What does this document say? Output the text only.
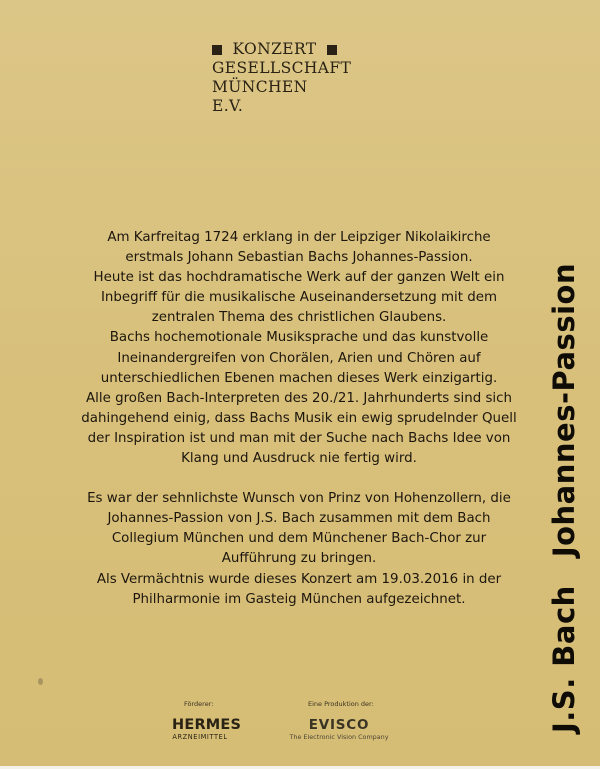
KONZERT
GESELLSCHAFT
MÜNCHEN E.V.

Am Karfreitag 1724 erklang in der Leipziger Nikolaikirche
erstmals Johann Sebastian Bachs Johannes-Passion.
Heute ist das hochdramatische Werk auf der ganzen Welt ein
Inbegriff für die musikalische Auseinandersetzung mit dem
zentralen Thema des christlichen Glaubens.
Bachs hochemotionale Musiksprache und das kunstvolle
Ineinandergreifen von Chorälen, Arien und Chören auf
unterschiedlichen Ebenen machen dieses Werk einzigartig.
Alle großen Bach-Interpreten des 20./21. Jahrhunderts sind sich
dahingehend einig, dass Bachs Musik ein ewig sprudelnder Quell
der Inspiration ist und man mit der Suche nach Bachs Idee von
Klang und Ausdruck nie fertig wird.

Es war der sehnlichste Wunsch von Prinz von Hohenzollern, die
Johannes-Passion von J.S. Bach zusammen mit dem Bach
Collegium München und dem Münchener Bach-Chor zur
Aufführung zu bringen.
Als Vermächtnis wurde dieses Konzert am 19.03.2016 in der
Philharmonie im Gasteig München aufgezeichnet.	J.S. BachJohannes-Passion
Förderer:	Eine Produktion der:
HERMES
ARZNEIMITTEL
EVISCO
The Electronic Vision Company
